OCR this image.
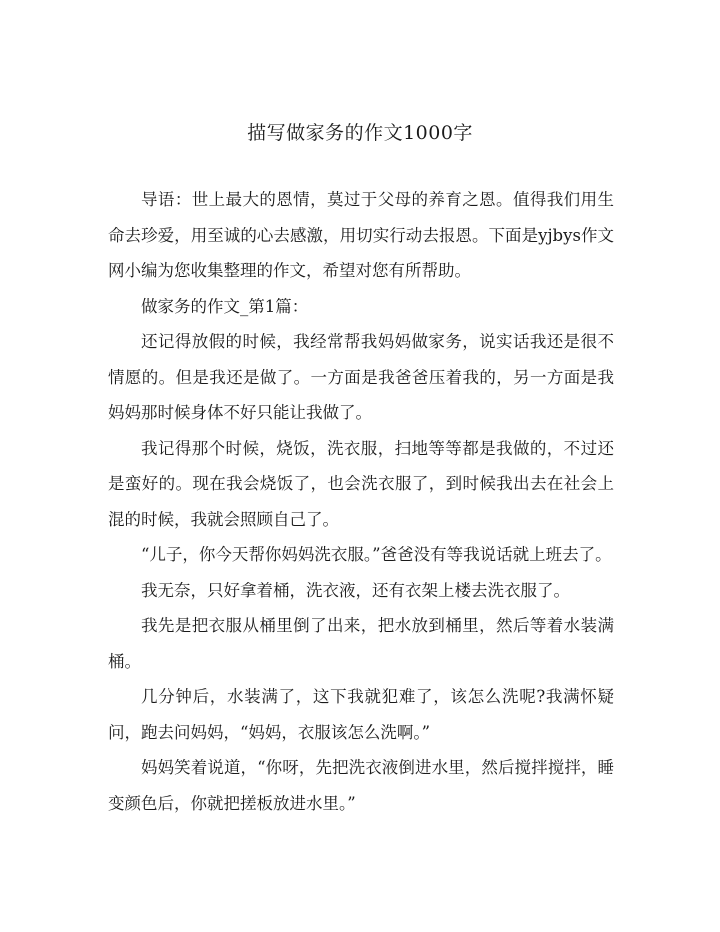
描写做家务的作文1000字

导语：世上最大的恩情，莫过于父母的养育之恩。值得我们用生命去珍爱，用至诚的心去感激，用切实行动去报恩。下面是yjbys作文网小编为您收集整理的作文，希望对您有所帮助。

做家务的作文_第1篇：

还记得放假的时候，我经常帮我妈妈做家务，说实话我还是很不情愿的。但是我还是做了。一方面是我爸爸压着我的，另一方面是我妈妈那时候身体不好只能让我做了。

我记得那个时候，烧饭，洗衣服，扫地等等都是我做的，不过还是蛮好的。现在我会烧饭了，也会洗衣服了，到时候我出去在社会上混的时候，我就会照顾自己了。

“儿子，你今天帮你妈妈洗衣服。”爸爸没有等我说话就上班去了。

我无奈，只好拿着桶，洗衣液，还有衣架上楼去洗衣服了。

我先是把衣服从桶里倒了出来，把水放到桶里，然后等着水装满桶。

几分钟后，水装满了，这下我就犯难了，该怎么洗呢?我满怀疑问，跑去问妈妈，“妈妈，衣服该怎么洗啊。”

妈妈笑着说道，“你呀，先把洗衣液倒进水里，然后搅拌搅拌，睡变颜色后，你就把搓板放进水里。”
